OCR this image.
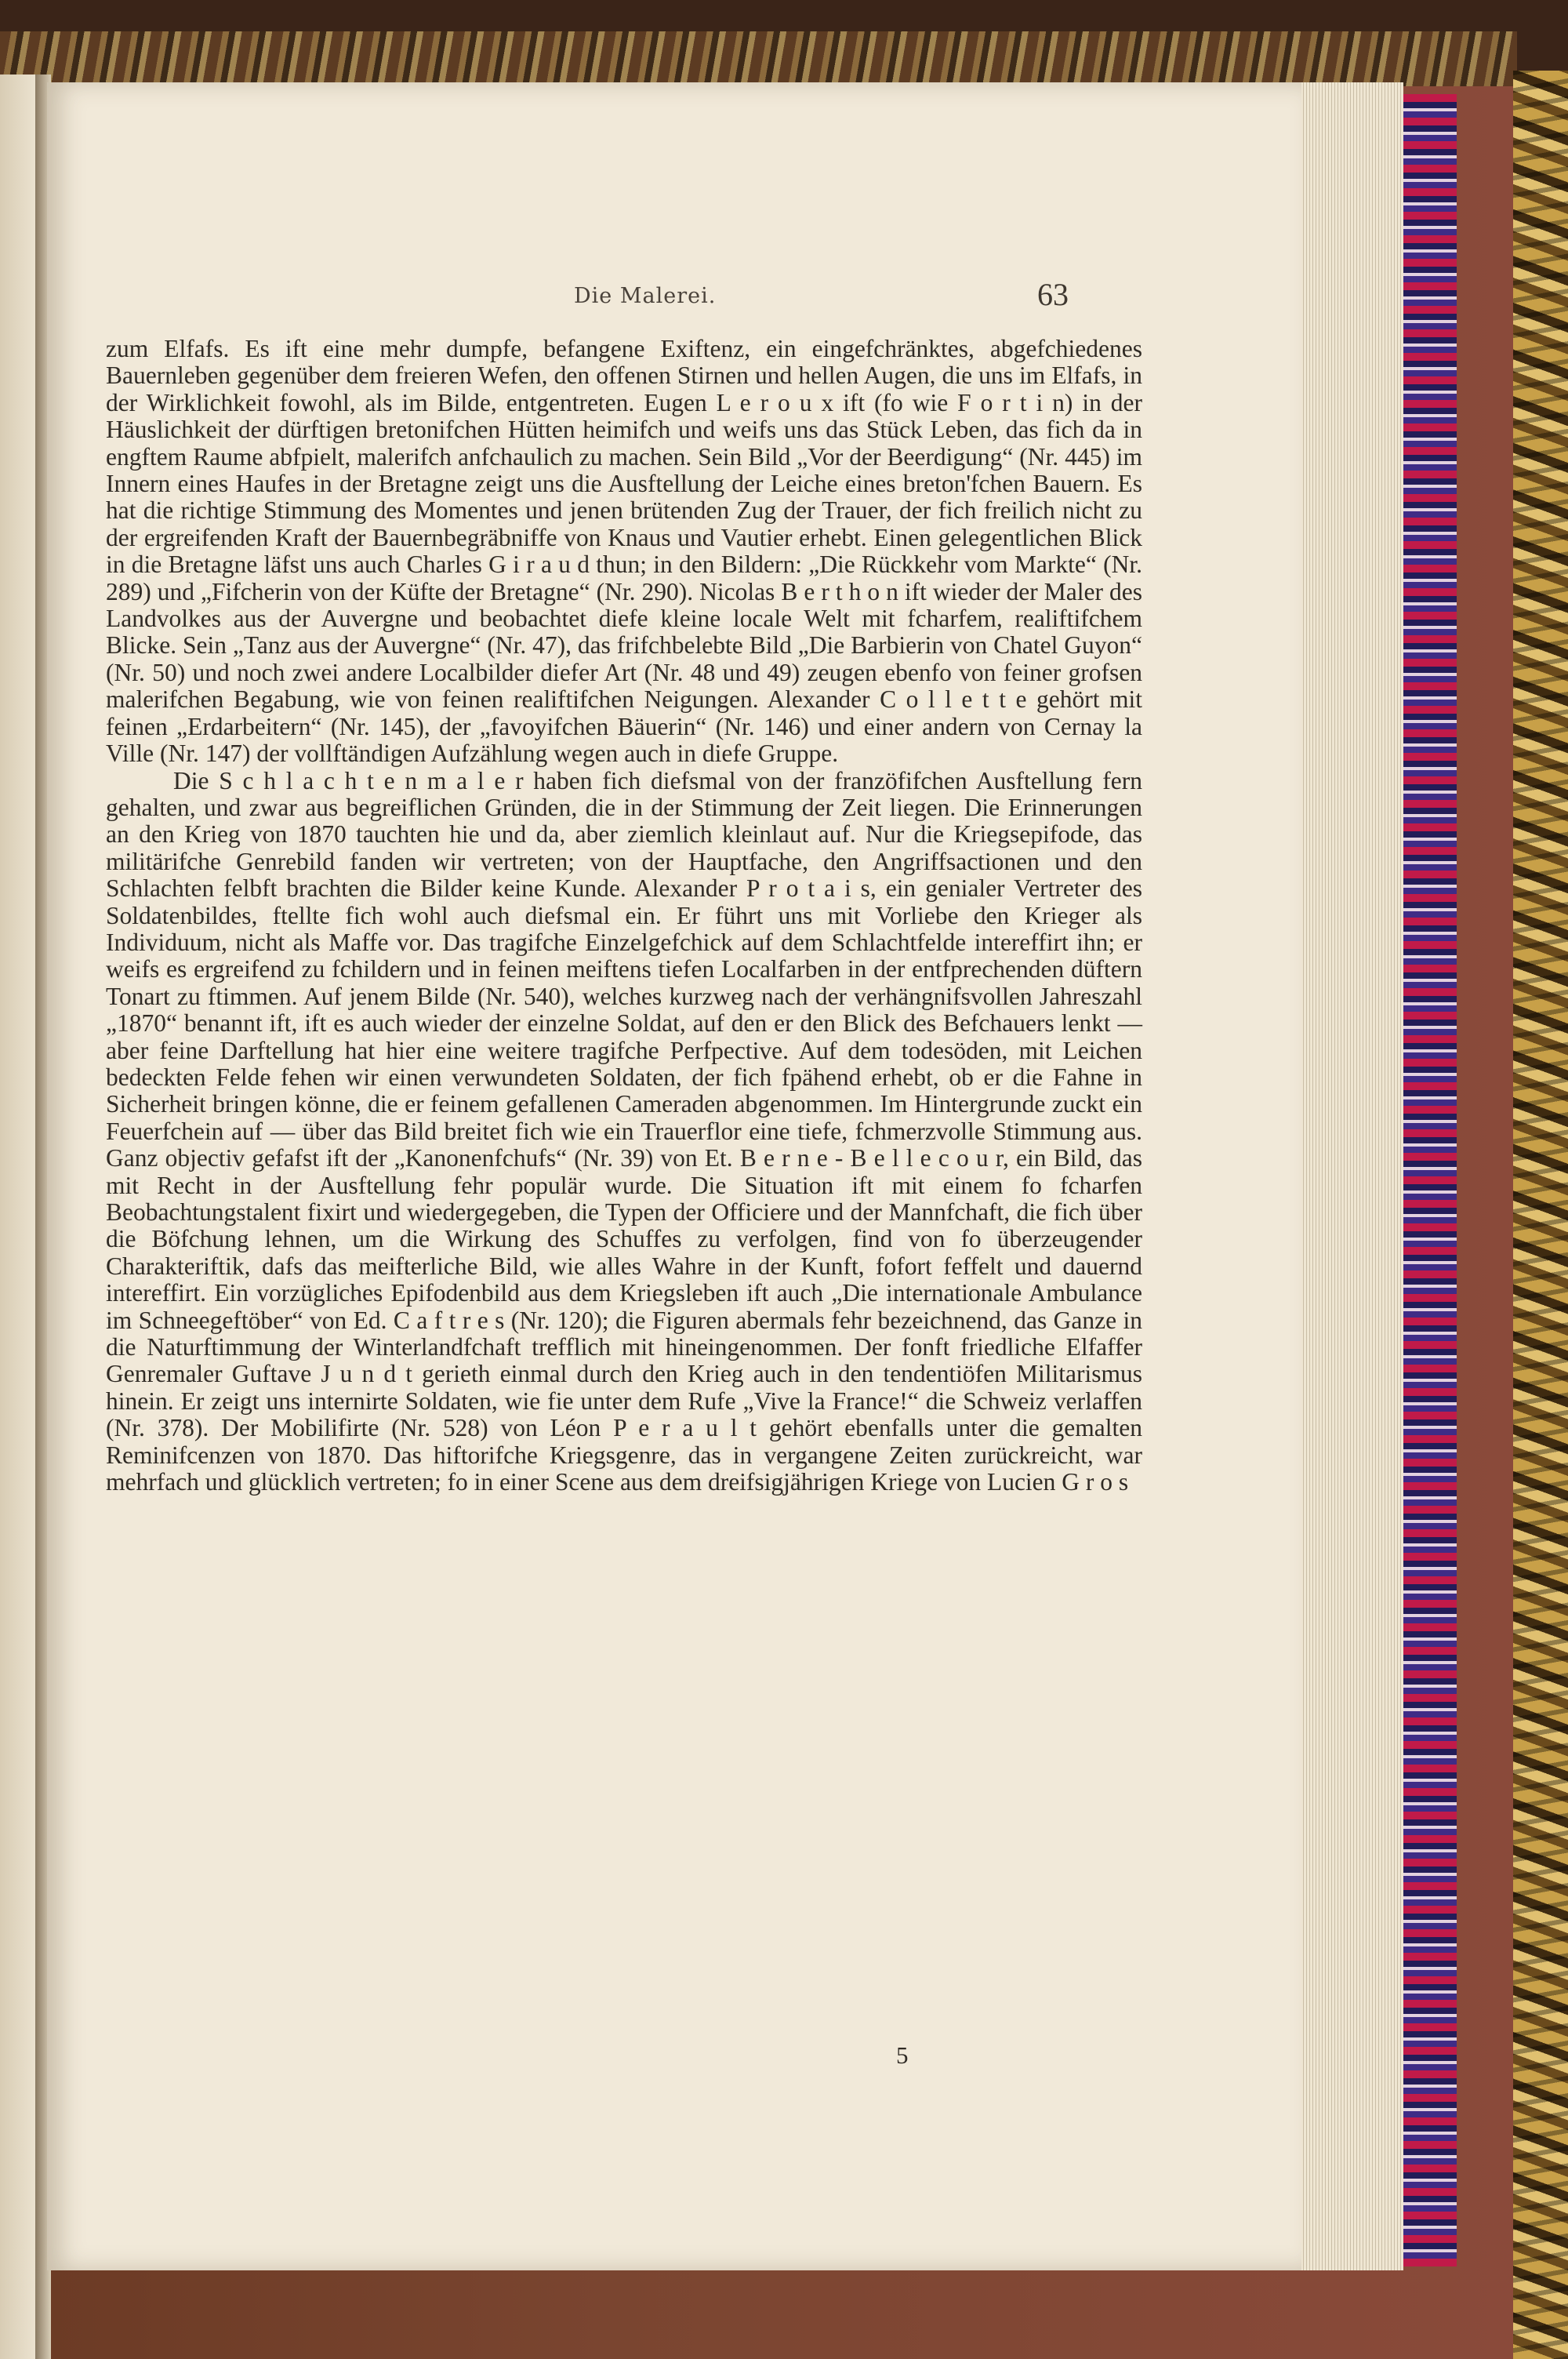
Die Malerei.	63

zum Elfafs. Es ift eine mehr dumpfe, befangene Exiftenz, ein eingefchränktes, abgefchiedenes Bauernleben gegenüber dem freieren Wefen, den offenen Stirnen und hellen Augen, die uns im Elfafs, in der Wirklichkeit fowohl, als im Bilde, entgentreten. Eugen L e r o u x ift (fo wie F o r t i n) in der Häuslichkeit der dürftigen bretonifchen Hütten heimifch und weifs uns das Stück Leben, das fich da in engftem Raume abfpielt, malerifch anfchaulich zu machen. Sein Bild „Vor der Beerdigung“ (Nr. 445) im Innern eines Haufes in der Bretagne zeigt uns die Ausftellung der Leiche eines breton'fchen Bauern. Es hat die richtige Stimmung des Momentes und jenen brütenden Zug der Trauer, der fich freilich nicht zu der ergreifenden Kraft der Bauernbegräbniffe von Knaus und Vautier erhebt. Einen gelegentlichen Blick in die Bretagne läfst uns auch Charles G i r a u d thun; in den Bildern: „Die Rückkehr vom Markte“ (Nr. 289) und „Fifcherin von der Küfte der Bretagne“ (Nr. 290). Nicolas B e r t h o n ift wieder der Maler des Landvolkes aus der Auvergne und beobachtet diefe kleine locale Welt mit fcharfem, realiftifchem Blicke. Sein „Tanz aus der Auvergne“ (Nr. 47), das frifchbelebte Bild „Die Barbierin von Chatel Guyon“ (Nr. 50) und noch zwei andere Localbilder diefer Art (Nr. 48 und 49) zeugen ebenfo von feiner grofsen malerifchen Begabung, wie von feinen realiftifchen Neigungen. Alexander C o l l e t t e gehört mit feinen „Erdarbeitern“ (Nr. 145), der „favoyifchen Bäuerin“ (Nr. 146) und einer andern von Cernay la Ville (Nr. 147) der vollftändigen Aufzählung wegen auch in diefe Gruppe.

Die S c h l a c h t e n m a l e r haben fich diefsmal von der franzöfifchen Ausftellung fern gehalten, und zwar aus begreiflichen Gründen, die in der Stimmung der Zeit liegen. Die Erinnerungen an den Krieg von 1870 tauchten hie und da, aber ziemlich kleinlaut auf. Nur die Kriegsepifode, das militärifche Genrebild fanden wir vertreten; von der Hauptfache, den Angriffsactionen und den Schlachten felbft brachten die Bilder keine Kunde. Alexander P r o t a i s, ein genialer Vertreter des Soldatenbildes, ftellte fich wohl auch diefsmal ein. Er führt uns mit Vorliebe den Krieger als Individuum, nicht als Maffe vor. Das tragifche Einzelgefchick auf dem Schlachtfelde intereffirt ihn; er weifs es ergreifend zu fchildern und in feinen meiftens tiefen Localfarben in der entfprechenden düftern Tonart zu ftimmen. Auf jenem Bilde (Nr. 540), welches kurzweg nach der verhängnifsvollen Jahreszahl „1870“ benannt ift, ift es auch wieder der einzelne Soldat, auf den er den Blick des Befchauers lenkt — aber feine Darftellung hat hier eine weitere tragifche Perfpective. Auf dem todesöden, mit Leichen bedeckten Felde fehen wir einen verwundeten Soldaten, der fich fpähend erhebt, ob er die Fahne in Sicherheit bringen könne, die er feinem gefallenen Cameraden abgenommen. Im Hintergrunde zuckt ein Feuerfchein auf — über das Bild breitet fich wie ein Trauerflor eine tiefe, fchmerzvolle Stimmung aus. Ganz objectiv gefafst ift der „Kanonenfchufs“ (Nr. 39) von Et. B e r n e - B e l l e c o u r, ein Bild, das mit Recht in der Ausftellung fehr populär wurde. Die Situation ift mit einem fo fcharfen Beobachtungstalent fixirt und wiedergegeben, die Typen der Officiere und der Mannfchaft, die fich über die Böfchung lehnen, um die Wirkung des Schuffes zu verfolgen, find von fo überzeugender Charakteriftik, dafs das meifterliche Bild, wie alles Wahre in der Kunft, fofort feffelt und dauernd intereffirt. Ein vorzügliches Epifodenbild aus dem Kriegsleben ift auch „Die internationale Ambulance im Schneegeftöber“ von Ed. C a f t r e s (Nr. 120); die Figuren abermals fehr bezeichnend, das Ganze in die Naturftimmung der Winterlandfchaft trefflich mit hineingenommen. Der fonft friedliche Elfaffer Genremaler Guftave J u n d t gerieth einmal durch den Krieg auch in den tendentiöfen Militarismus hinein. Er zeigt uns internirte Soldaten, wie fie unter dem Rufe „Vive la France!“ die Schweiz verlaffen (Nr. 378). Der Mobilifirte (Nr. 528) von Léon P e r a u l t gehört ebenfalls unter die gemalten Reminifcenzen von 1870. Das hiftorifche Kriegsgenre, das in vergangene Zeiten zurückreicht, war mehrfach und glücklich vertreten; fo in einer Scene aus dem dreifsigjährigen Kriege von Lucien G r o s

5
